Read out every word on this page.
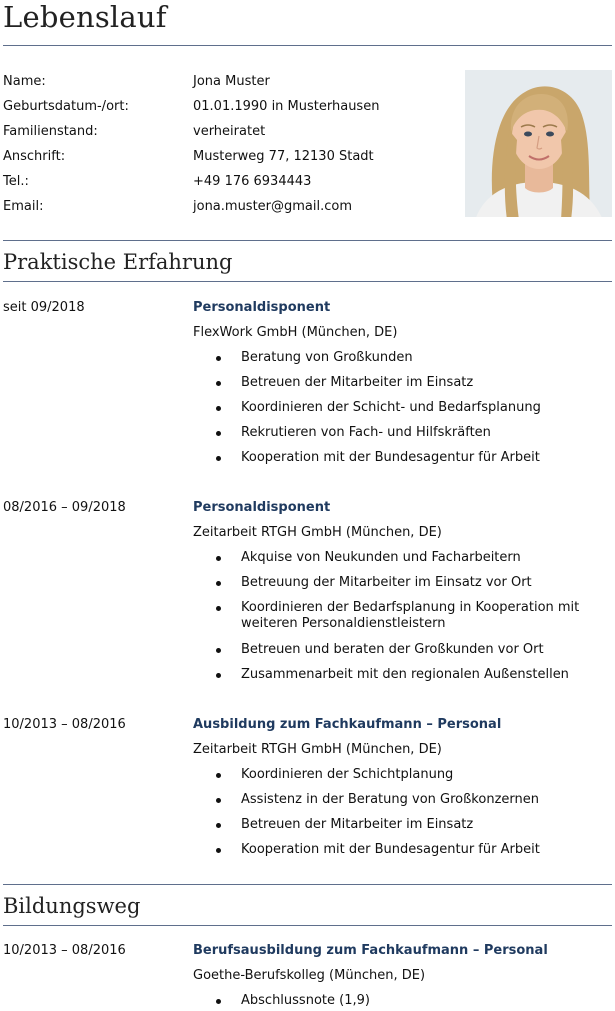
Lebenslauf
Name:	Jona Muster
Geburtsdatum-/ort:	01.01.1990 in Musterhausen
Familienstand:	verheiratet
Anschrift:	Musterweg 77, 12130 Stadt
Tel.:	+49 176 6934443
Email:	jona.muster@gmail.com
Praktische Erfahrung
seit 09/2018	Personaldisponent
FlexWork GmbH (München, DE)
Beratung von Großkunden
Betreuen der Mitarbeiter im Einsatz
Koordinieren der Schicht- und Bedarfsplanung
Rekrutieren von Fach- und Hilfskräften
Kooperation mit der Bundesagentur für Arbeit
08/2016 – 09/2018	Personaldisponent
Zeitarbeit RTGH GmbH (München, DE)
Akquise von Neukunden und Facharbeitern
Betreuung der Mitarbeiter im Einsatz vor Ort
Koordinieren der Bedarfsplanung in Kooperation mit weiteren Personaldienstleistern
Betreuen und beraten der Großkunden vor Ort
Zusammenarbeit mit den regionalen Außenstellen
10/2013 – 08/2016	Ausbildung zum Fachkaufmann – Personal
Zeitarbeit RTGH GmbH (München, DE)
Koordinieren der Schichtplanung
Assistenz in der Beratung von Großkonzernen
Betreuen der Mitarbeiter im Einsatz
Kooperation mit der Bundesagentur für Arbeit
Bildungsweg
10/2013 – 08/2016	Berufsausbildung zum Fachkaufmann – Personal
Goethe-Berufskolleg (München, DE)
Abschlussnote (1,9)
